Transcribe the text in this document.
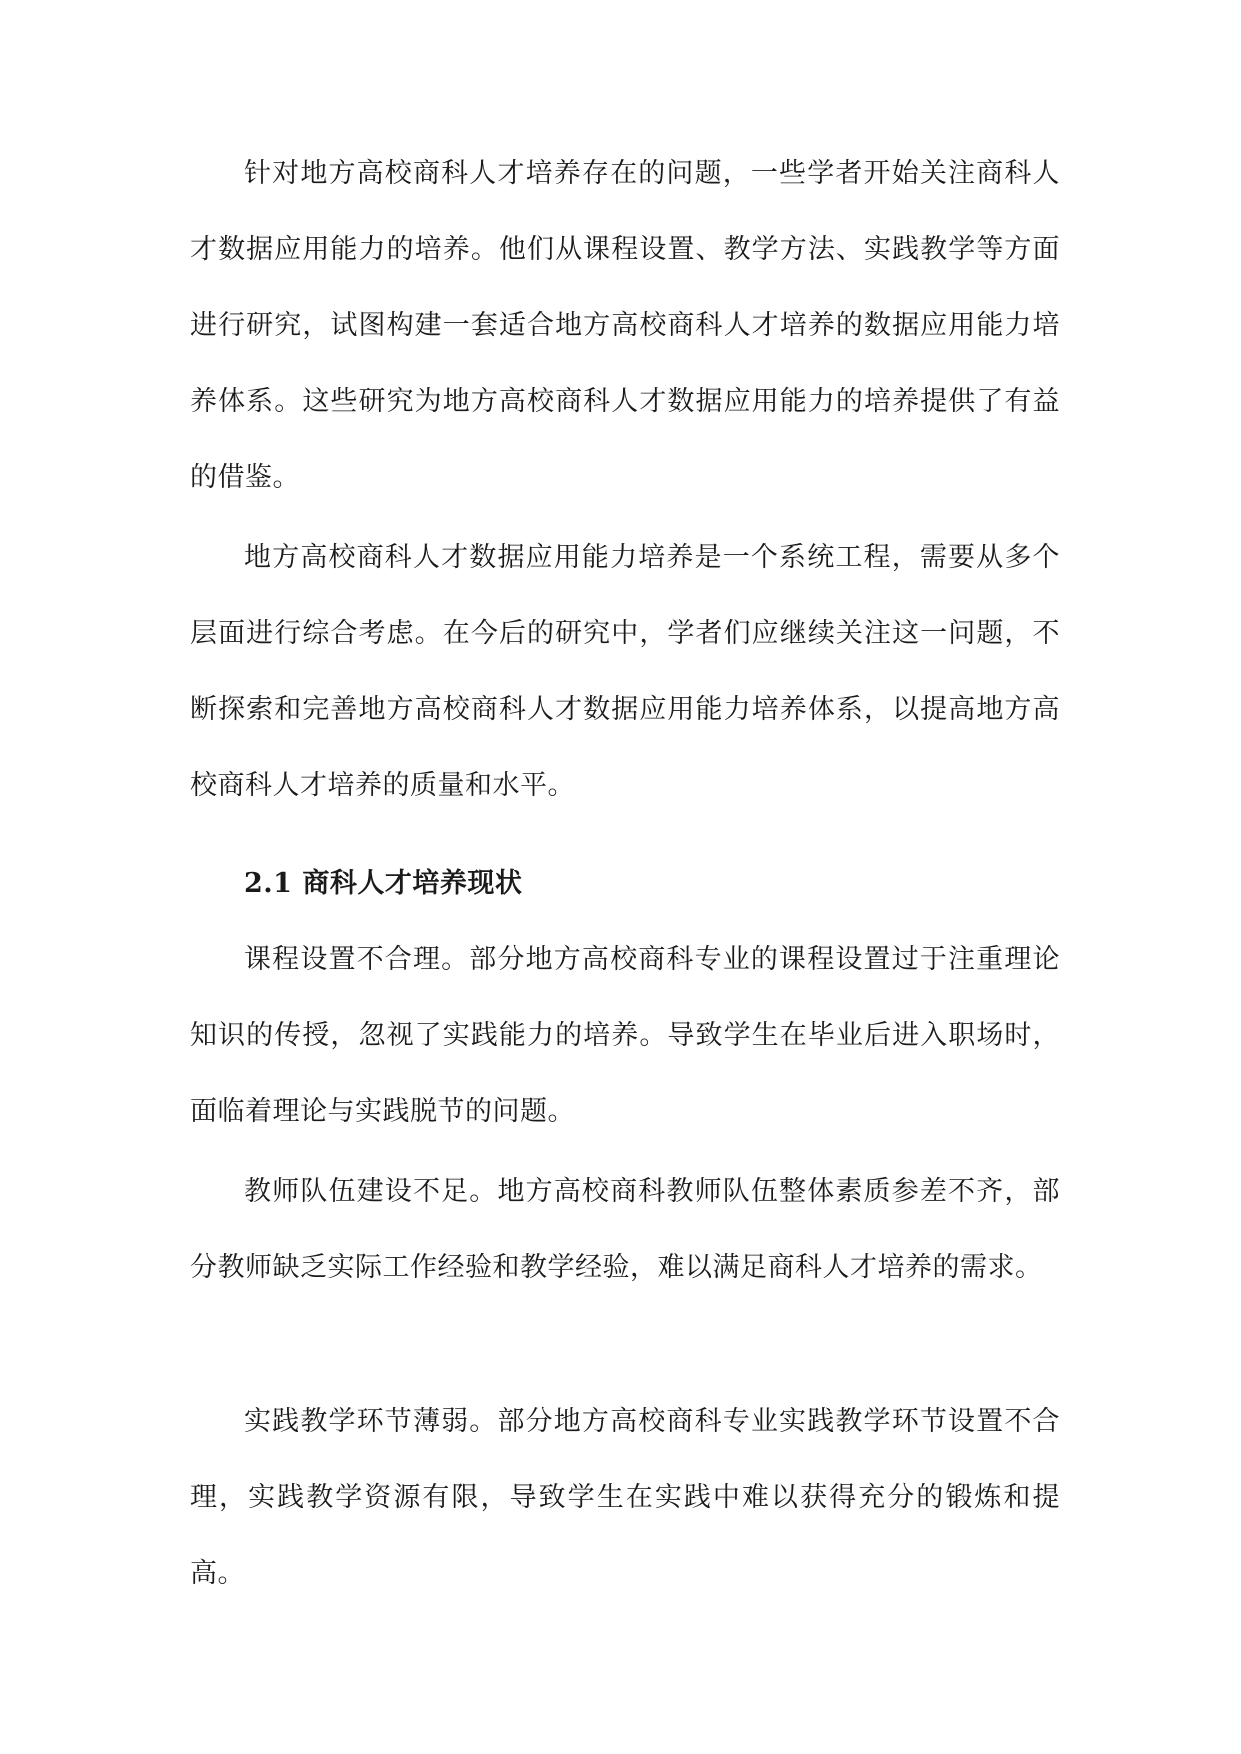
针对地方高校商科人才培养存在的问题，一些学者开始关注商科人才数据应用能力的培养。他们从课程设置、教学方法、实践教学等方面进行研究，试图构建一套适合地方高校商科人才培养的数据应用能力培养体系。这些研究为地方高校商科人才数据应用能力的培养提供了有益的借鉴。

地方高校商科人才数据应用能力培养是一个系统工程，需要从多个层面进行综合考虑。在今后的研究中，学者们应继续关注这一问题，不断探索和完善地方高校商科人才数据应用能力培养体系，以提高地方高校商科人才培养的质量和水平。

2.1 商科人才培养现状

课程设置不合理。部分地方高校商科专业的课程设置过于注重理论知识的传授，忽视了实践能力的培养。导致学生在毕业后进入职场时，面临着理论与实践脱节的问题。

教师队伍建设不足。地方高校商科教师队伍整体素质参差不齐，部分教师缺乏实际工作经验和教学经验，难以满足商科人才培养的需求。

实践教学环节薄弱。部分地方高校商科专业实践教学环节设置不合理，实践教学资源有限，导致学生在实践中难以获得充分的锻炼和提高。
